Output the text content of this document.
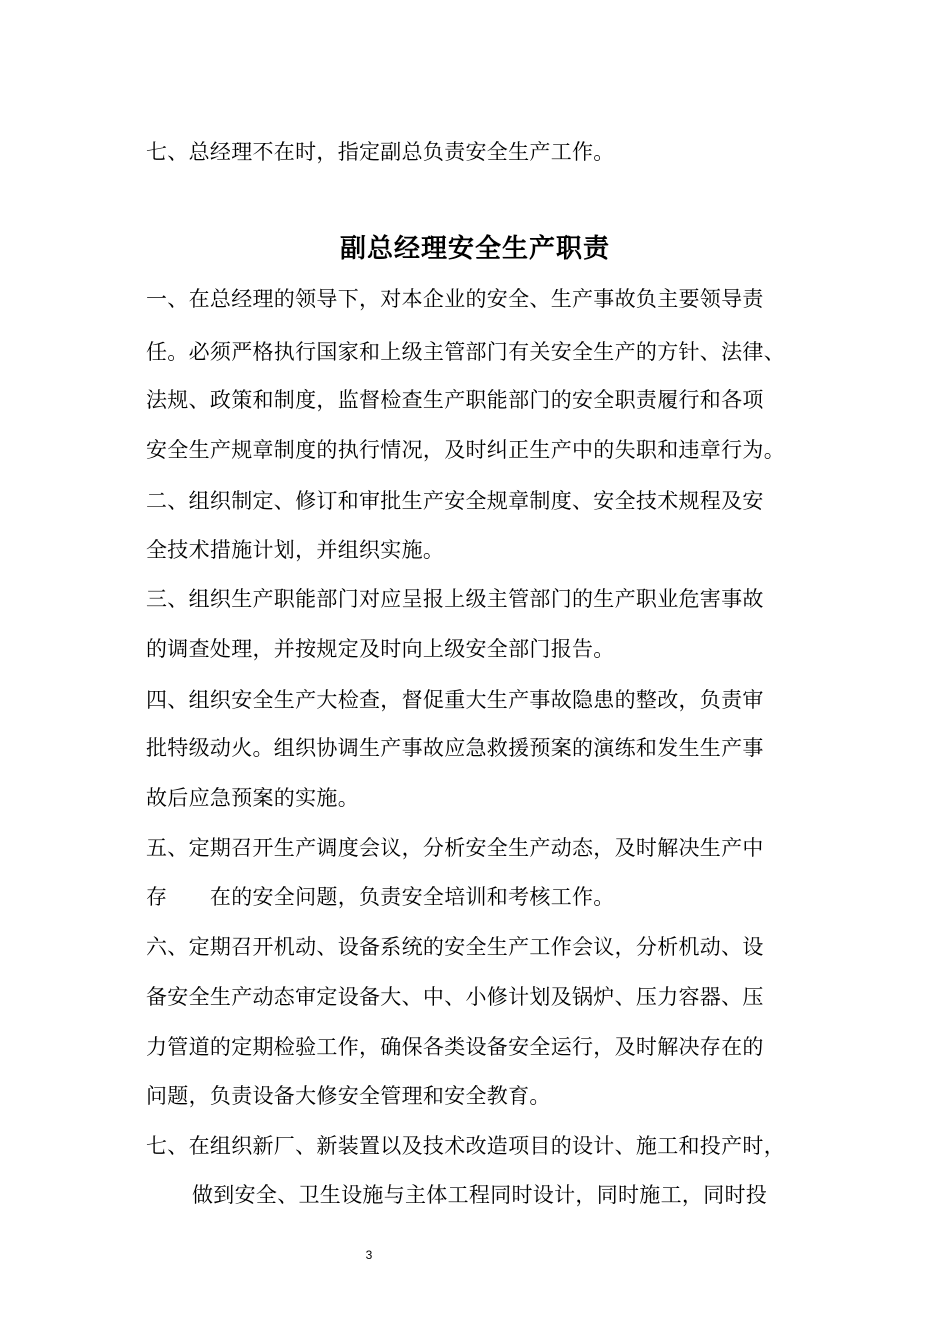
七、总经理不在时，指定副总负责安全生产工作。
副总经理安全生产职责
一、在总经理的领导下，对本企业的安全、生产事故负主要领导责
任。必须严格执行国家和上级主管部门有关安全生产的方针、法律、
法规、政策和制度，监督检查生产职能部门的安全职责履行和各项
安全生产规章制度的执行情况，及时纠正生产中的失职和违章行为。
二、组织制定、修订和审批生产安全规章制度、安全技术规程及安
全技术措施计划，并组织实施。
三、组织生产职能部门对应呈报上级主管部门的生产职业危害事故
的调查处理，并按规定及时向上级安全部门报告。
四、组织安全生产大检查，督促重大生产事故隐患的整改，负责审
批特级动火。组织协调生产事故应急救援预案的演练和发生生产事
故后应急预案的实施。
五、定期召开生产调度会议，分析安全生产动态，及时解决生产中
存　　在的安全问题，负责安全培训和考核工作。
六、定期召开机动、设备系统的安全生产工作会议，分析机动、设
备安全生产动态审定设备大、中、小修计划及锅炉、压力容器、压
力管道的定期检验工作，确保各类设备安全运行，及时解决存在的
问题，负责设备大修安全管理和安全教育。
七、在组织新厂、新装置以及技术改造项目的设计、施工和投产时，
做到安全、卫生设施与主体工程同时设计，同时施工，同时投
3
